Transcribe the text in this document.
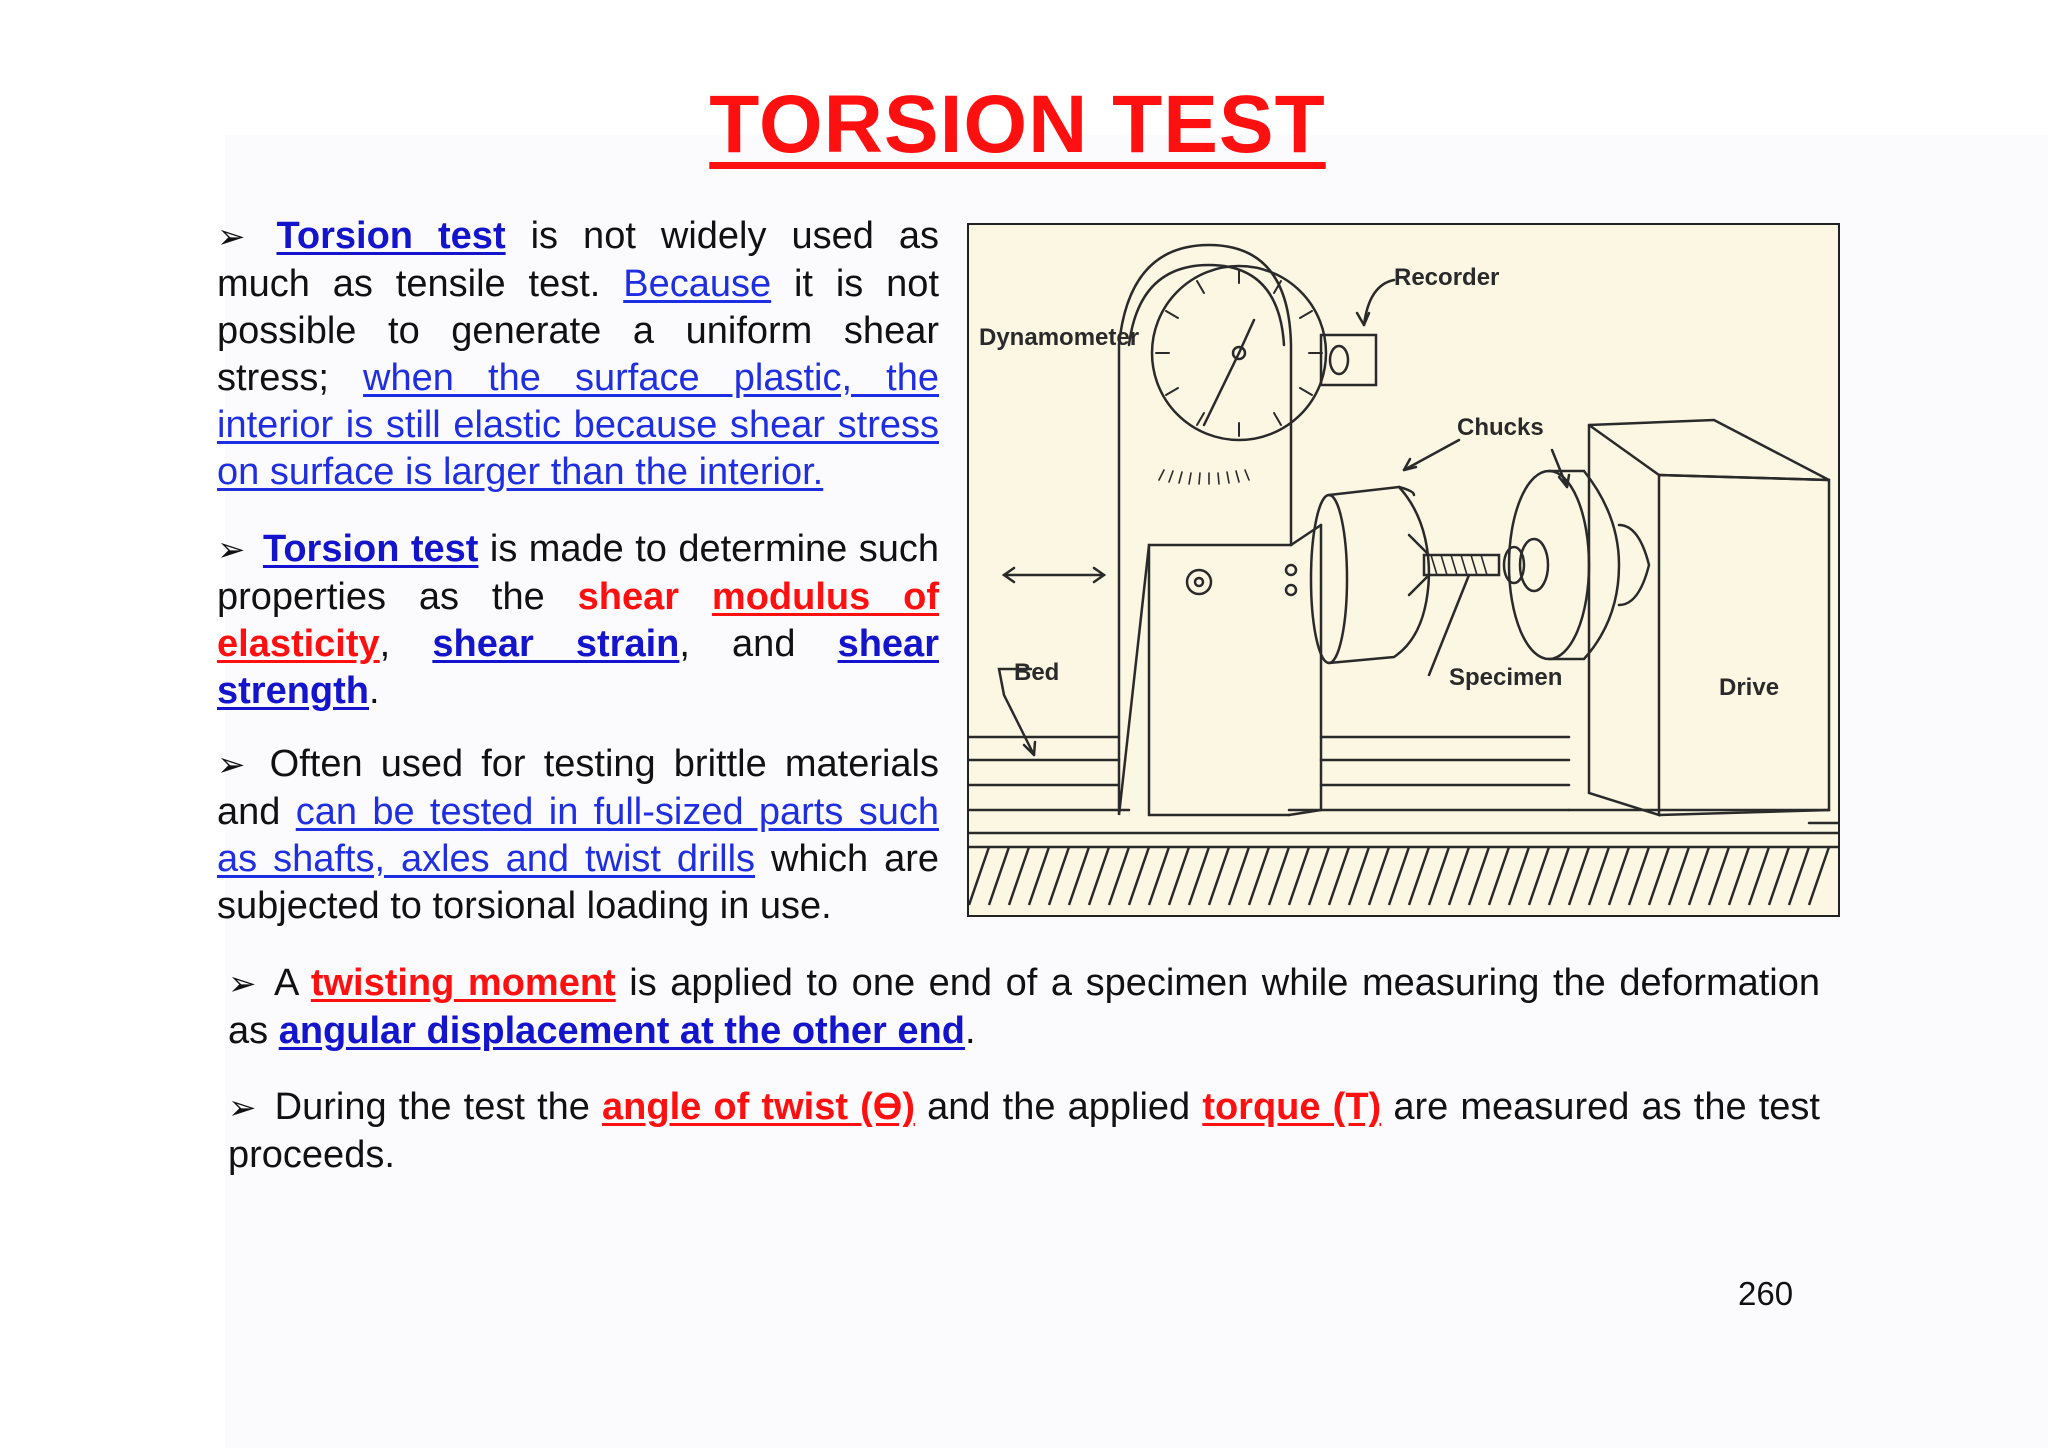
TORSION TEST
➢ Torsion test is not widely used as much as tensile test. Because it is not possible to generate a uniform shear stress; when the surface plastic, the interior is still elastic because shear stress on surface is larger than the interior.
➢ Torsion test is made to determine such properties as the shear modulus of elasticity, shear strain, and shear strength.
➢ Often used for testing brittle materials and can be tested in full-sized parts such as shafts, axles and twist drills which are subjected to torsional loading in use.
Recorder
Dynamometer
Chucks
Bed	Specimen	Drive
➢ A twisting moment is applied to one end of a specimen while measuring the deformation as angular displacement at the other end.
➢ During the test the angle of twist (Ө) and the applied torque (T) are measured as the test proceeds.
260
